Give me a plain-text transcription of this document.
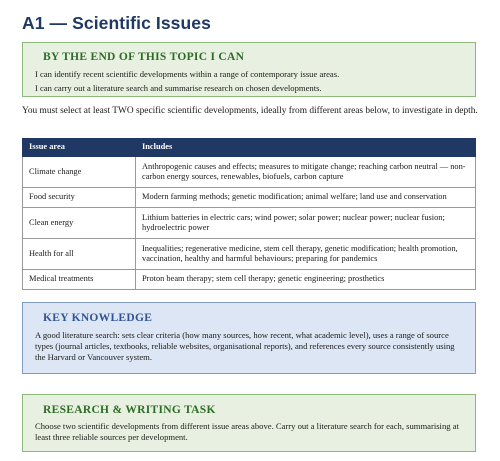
A1 — Scientific Issues
BY THE END OF THIS TOPIC I CAN
I can identify recent scientific developments within a range of contemporary issue areas.
I can carry out a literature search and summarise research on chosen developments.

You must select at least TWO specific scientific developments, ideally from different areas below, to investigate in depth.

Issue area	Includes
Climate change	Anthropogenic causes and effects; measures to mitigate change; reaching carbon neutral — non-carbon energy sources, renewables, biofuels, carbon capture
Food security	Modern farming methods; genetic modification; animal welfare; land use and conservation
Clean energy	Lithium batteries in electric cars; wind power; solar power; nuclear power; nuclear fusion; hydroelectric power
Health for all	Inequalities; regenerative medicine, stem cell therapy, genetic modification; health promotion, vaccination, healthy and harmful behaviours; preparing for pandemics
Medical treatments	Proton beam therapy; stem cell therapy; genetic engineering; prosthetics
KEY KNOWLEDGE

A good literature search: sets clear criteria (how many sources, how recent, what academic level), uses a range of source types (journal articles, textbooks, reliable websites, organisational reports), and references every source consistently using the Harvard or Vancouver system.

RESEARCH & WRITING TASK

Choose two scientific developments from different issue areas above. Carry out a literature search for each, summarising at least three reliable sources per development.
